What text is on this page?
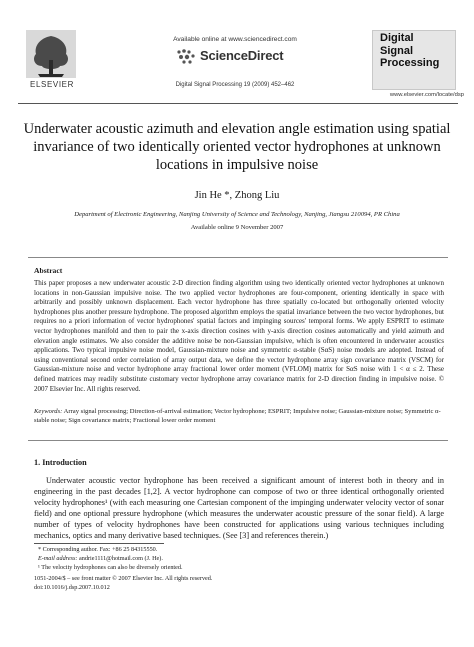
ELSEVIER
Available online at www.sciencedirect.com
ScienceDirect
Digital Signal Processing 19 (2009) 452–462
Digital
Signal
Processing
www.elsevier.com/locate/dsp
Underwater acoustic azimuth and elevation angle estimation using spatial invariance of two identically oriented vector hydrophones at unknown locations in impulsive noise
Jin He *, Zhong Liu
Department of Electronic Engineering, Nanjing University of Science and Technology, Nanjing, Jiangsu 210094, PR China
Available online 9 November 2007
Abstract
This paper proposes a new underwater acoustic 2-D direction finding algorithm using two identically oriented vector hydrophones at unknown locations in non-Gaussian impulsive noise. The two applied vector hydrophones are four-component, orienting identically in space with arbitrarily and possibly unknown displacement. Each vector hydrophone has three spatially co-located but orthogonally oriented velocity hydrophones plus another pressure hydrophone. The proposed algorithm employs the spatial invariance between the two vector hydrophones, but requires no a priori information of vector hydrophones' spatial factors and impinging sources' temporal forms. We apply ESPRIT to estimate vector hydrophones manifold and then to pair the x-axis direction cosines with y-axis direction cosines automatically and yield azimuth and elevation angle estimates. We also consider the additive noise be non-Gaussian impulsive, which is often encountered in underwater acoustics applications. Two typical impulsive noise model, Gaussian-mixture noise and symmetric α-stable (SαS) noise models are adopted. Instead of using conventional second order correlation of array output data, we define the vector hydrophone array sign covariance matrix (VSCM) for Gaussian-mixture noise and vector hydrophone array fractional lower order moment (VFLOM) matrix for SαS noise with 1 < α ≤ 2. These defined matrices may readily substitute customary vector hydrophone array covariance matrix for 2-D direction finding in impulsive noise. © 2007 Elsevier Inc. All rights reserved.
Keywords: Array signal processing; Direction-of-arrival estimation; Vector hydrophone; ESPRIT; Impulsive noise; Gaussian-mixture noise; Symmetric α-stable noise; Sign covariance matrix; Fractional lower order moment
1. Introduction
Underwater acoustic vector hydrophone has been received a significant amount of interest both in theory and in engineering in the past decades [1,2]. A vector hydrophone can compose of two or three identical orthogonally oriented velocity hydrophones¹ (with each measuring one Cartesian component of the impinging underwater velocity vector of sonar field) and one optional pressure hydrophone (which measures the underwater acoustic pressure of the sonar field). A large number of types of velocity hydrophones have been constructed for applications using various techniques including mechanics, optics and many derivative based techniques. (See [3] and references therein.)
* Corresponding author. Fax: +86 25 84315550.
E-mail address: andrie1111@hotmail.com (J. He).
¹ The velocity hydrophones can also be diversely oriented.
1051-2004/$ – see front matter © 2007 Elsevier Inc. All rights reserved.
doi:10.1016/j.dsp.2007.10.012
